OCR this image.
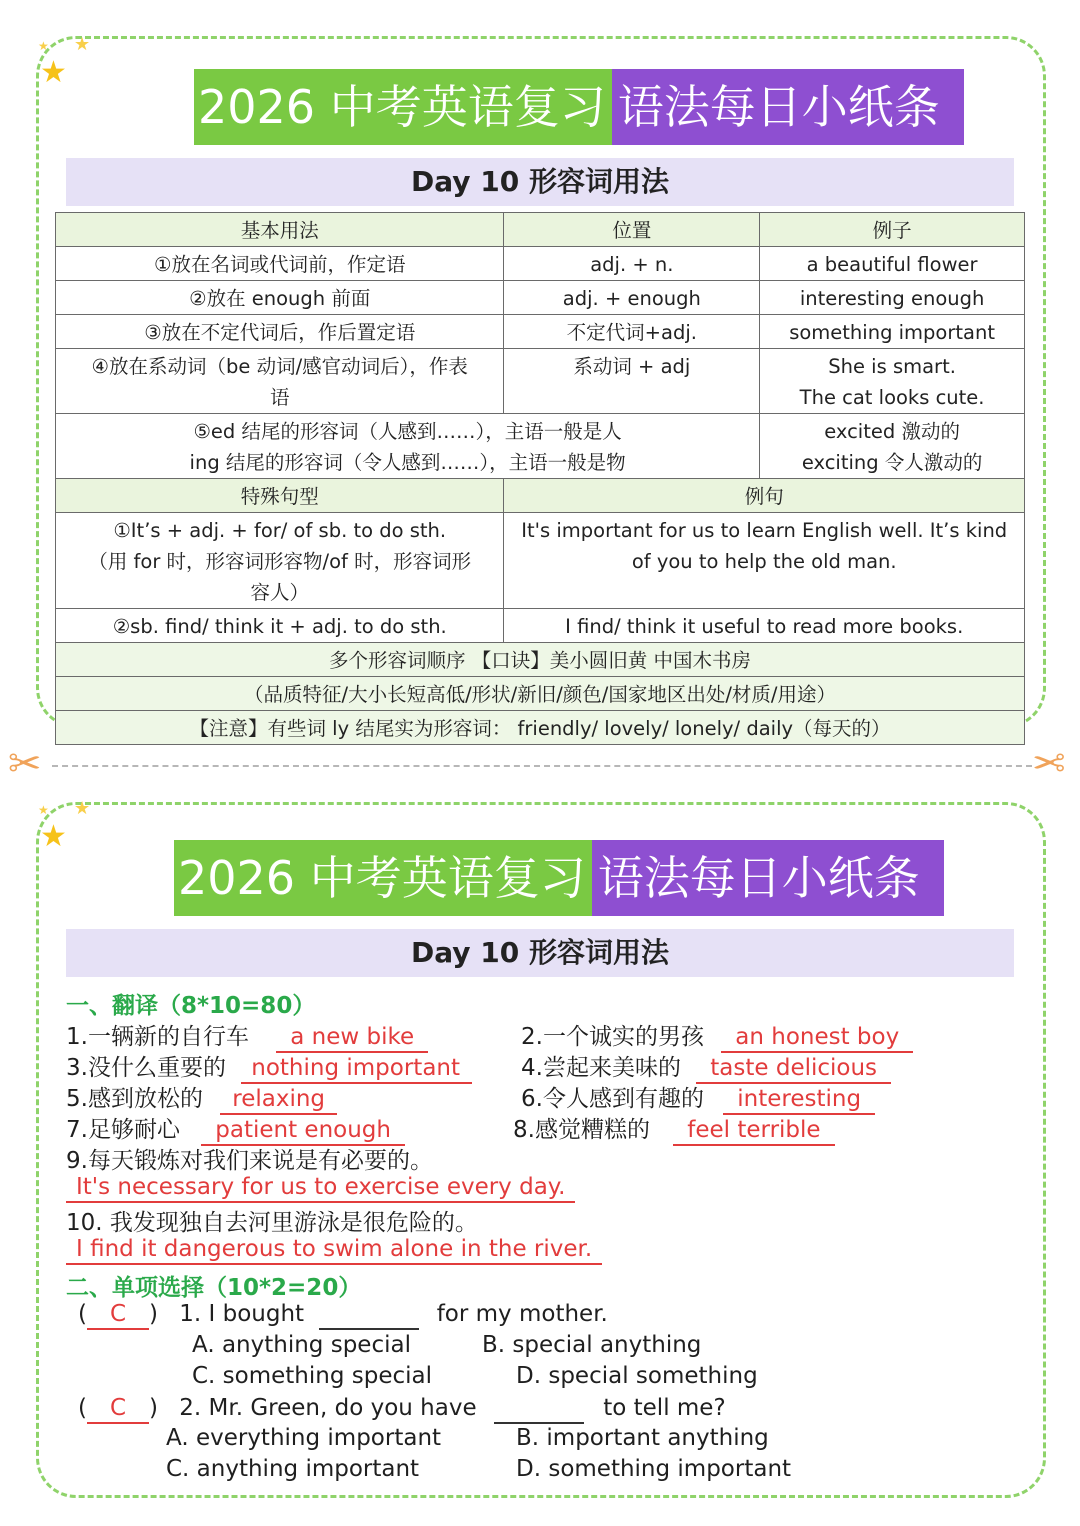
★
★
★
2026 中考英语复习 语法每日小纸条
Day 10 形容词用法
基本用法	位置	例子
①放在名词或代词前，作定语	adj. + n.	a beautiful flower
②放在 enough 前面	adj. + enough	interesting enough
③放在不定代词后，作后置定语	不定代词+adj.	something important
④放在系动词（be 动词/感官动词后），作表
语	系动词 + adj	She is smart.
The cat looks cute.
⑤ed 结尾的形容词（人感到……），主语一般是人
ing 结尾的形容词（令人感到……），主语一般是物		excited 激动的
exciting 令人激动的
特殊句型	例句	
①It’s + adj. + for/ of sb. to do sth.
（用 for 时，形容词形容物/of 时，形容词形
容人）	It's important for us to learn English well. It’s kind
of you to help the old man.	
②sb. find/ think it + adj. to do sth.	I find/ think it useful to read more books.	
多个形容词顺序 【口诀】美小圆旧黄 中国木书房		
（品质特征/大小长短高低/形状/新旧/颜色/国家地区出处/材质/用途）		
【注意】有些词 ly 结尾实为形容词： friendly/ lovely/ lonely/ daily（每天的）		
✂	✂
★
★
★
2026 中考英语复习 语法每日小纸条
Day 10 形容词用法
一、翻译（8*10=80）
1.一辆新的自行车 a new bike	2.一个诚实的男孩 an honest boy
3.没什么重要的 nothing important	4.尝起来美味的 taste delicious
5.感到放松的 relaxing	6.令人感到有趣的 interesting
7.足够耐心 patient enough	8.感觉糟糕的 feel terrible
9.每天锻炼对我们来说是有必要的。
It's necessary for us to exercise every day.
10. 我发现独自去河里游泳是很危险的。
I find it dangerous to swim alone in the river.
二、单项选择（10*2=20）
( C ) 1. I bought	for my mother.
A. anything special	B. special anything
C. something special	D. special something
( C ) 2. Mr. Green, do you have	to tell me?
A. everything important	B. important anything
C. anything important	D. something important
